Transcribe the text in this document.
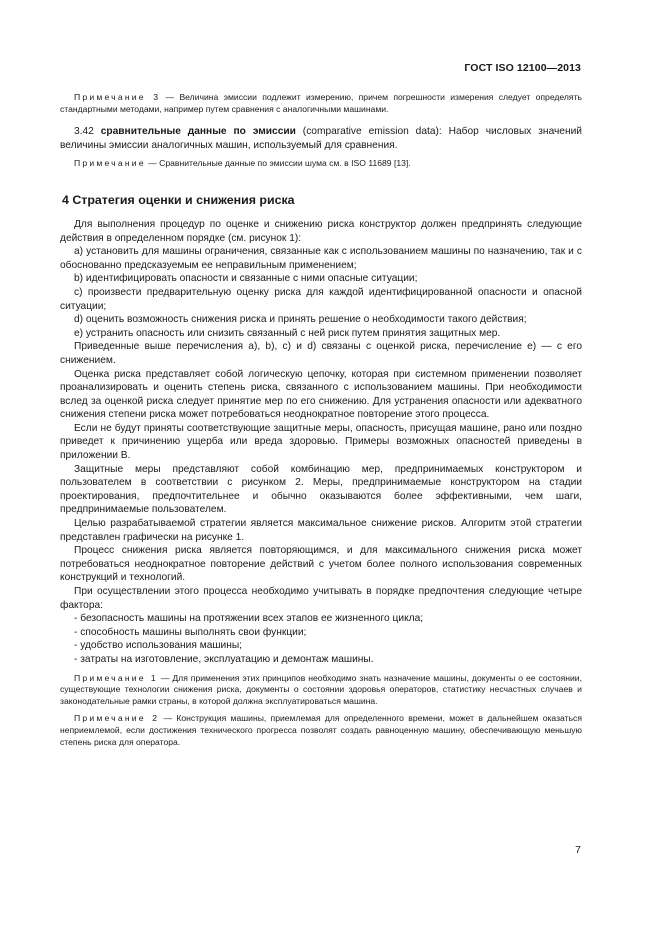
ГОСТ ISO 12100—2013

Примечание 3 — Величина эмиссии подлежит измерению, причем погрешности измерения следует определять стандартными методами, например путем сравнения с аналогичными машинами.

3.42 сравнительные данные по эмиссии (comparative emission data): Набор числовых значений величины эмиссии аналогичных машин, используемый для сравнения.

Примечание — Сравнительные данные по эмиссии шума см. в ISO 11689 [13].

4 Стратегия оценки и снижения риска

Для выполнения процедур по оценке и снижению риска конструктор должен предпринять следующие действия в определенном порядке (см. рисунок 1):

a) установить для машины ограничения, связанные как с использованием машины по назначению, так и с обоснованно предсказуемым ее неправильным применением;

b) идентифицировать опасности и связанные с ними опасные ситуации;

c) произвести предварительную оценку риска для каждой идентифицированной опасности и опасной ситуации;

d) оценить возможность снижения риска и принять решение о необходимости такого действия;

e) устранить опасность или снизить связанный с ней риск путем принятия защитных мер.

Приведенные выше перечисления a), b), c) и d) связаны с оценкой риска, перечисление e) — с его снижением.

Оценка риска представляет собой логическую цепочку, которая при системном применении позволяет проанализировать и оценить степень риска, связанного с использованием машины. При необходимости вслед за оценкой риска следует принятие мер по его снижению. Для устранения опасности или адекватного снижения степени риска может потребоваться неоднократное повторение этого процесса.

Если не будут приняты соответствующие защитные меры, опасность, присущая машине, рано или поздно приведет к причинению ущерба или вреда здоровью. Примеры возможных опасностей приведены в приложении B.

Защитные меры представляют собой комбинацию мер, предпринимаемых конструктором и пользователем в соответствии с рисунком 2. Меры, предпринимаемые конструктором на стадии проектирования, предпочтительнее и обычно оказываются более эффективными, чем шаги, предпринимаемые пользователем.

Целью разрабатываемой стратегии является максимальное снижение рисков. Алгоритм этой стратегии представлен графически на рисунке 1.

Процесс снижения риска является повторяющимся, и для максимального снижения риска может потребоваться неоднократное повторение действий с учетом более полного использования современных конструкций и технологий.

При осуществлении этого процесса необходимо учитывать в порядке предпочтения следующие четыре фактора:

- безопасность машины на протяжении всех этапов ее жизненного цикла;

- способность машины выполнять свои функции;

- удобство использования машины;

- затраты на изготовление, эксплуатацию и демонтаж машины.

Примечание 1 — Для применения этих принципов необходимо знать назначение машины, документы о ее состоянии, существующие технологии снижения риска, документы о состоянии здоровья операторов, статистику несчастных случаев и законодательные рамки страны, в которой должна эксплуатироваться машина.

Примечание 2 — Конструкция машины, приемлемая для определенного времени, может в дальнейшем оказаться неприемлемой, если достижения технического прогресса позволят создать равноценную машину, обеспечивающую меньшую степень риска для оператора.

7
